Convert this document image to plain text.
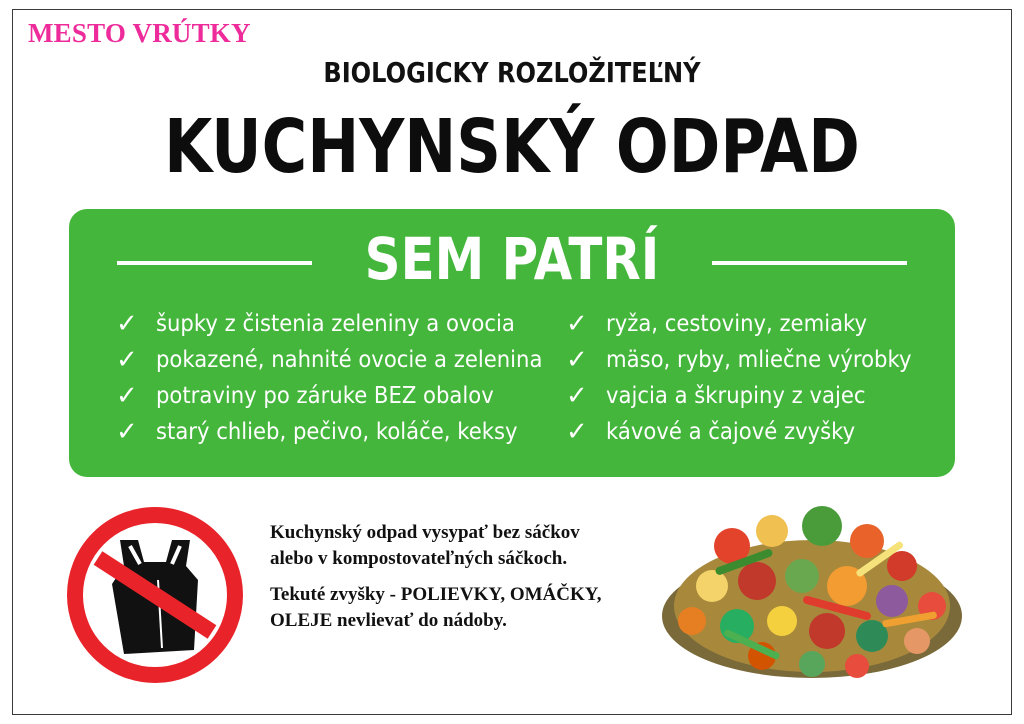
MESTO VRÚTKY
BIOLOGICKY ROZLOŽITEĽNÝ
KUCHYNSKÝ ODPAD
SEM PATRÍ
✓ šupky z čistenia zeleniny a ovocia
✓ pokazené, nahnité ovocie a zelenina
✓ potraviny po záruke BEZ obalov
✓ starý chlieb, pečivo, koláče, keksy
✓ ryža, cestoviny, zemiaky
✓ mäso, ryby, mliečne výrobky
✓ vajcia a škrupiny z vajec
✓ kávové a čajové zvyšky

Kuchynský odpad vysypať bez sáčkov
alebo v kompostovateľných sáčkoch.

Tekuté zvyšky - POLIEVKY, OMÁČKY,
OLEJE nevlievať do nádoby.
